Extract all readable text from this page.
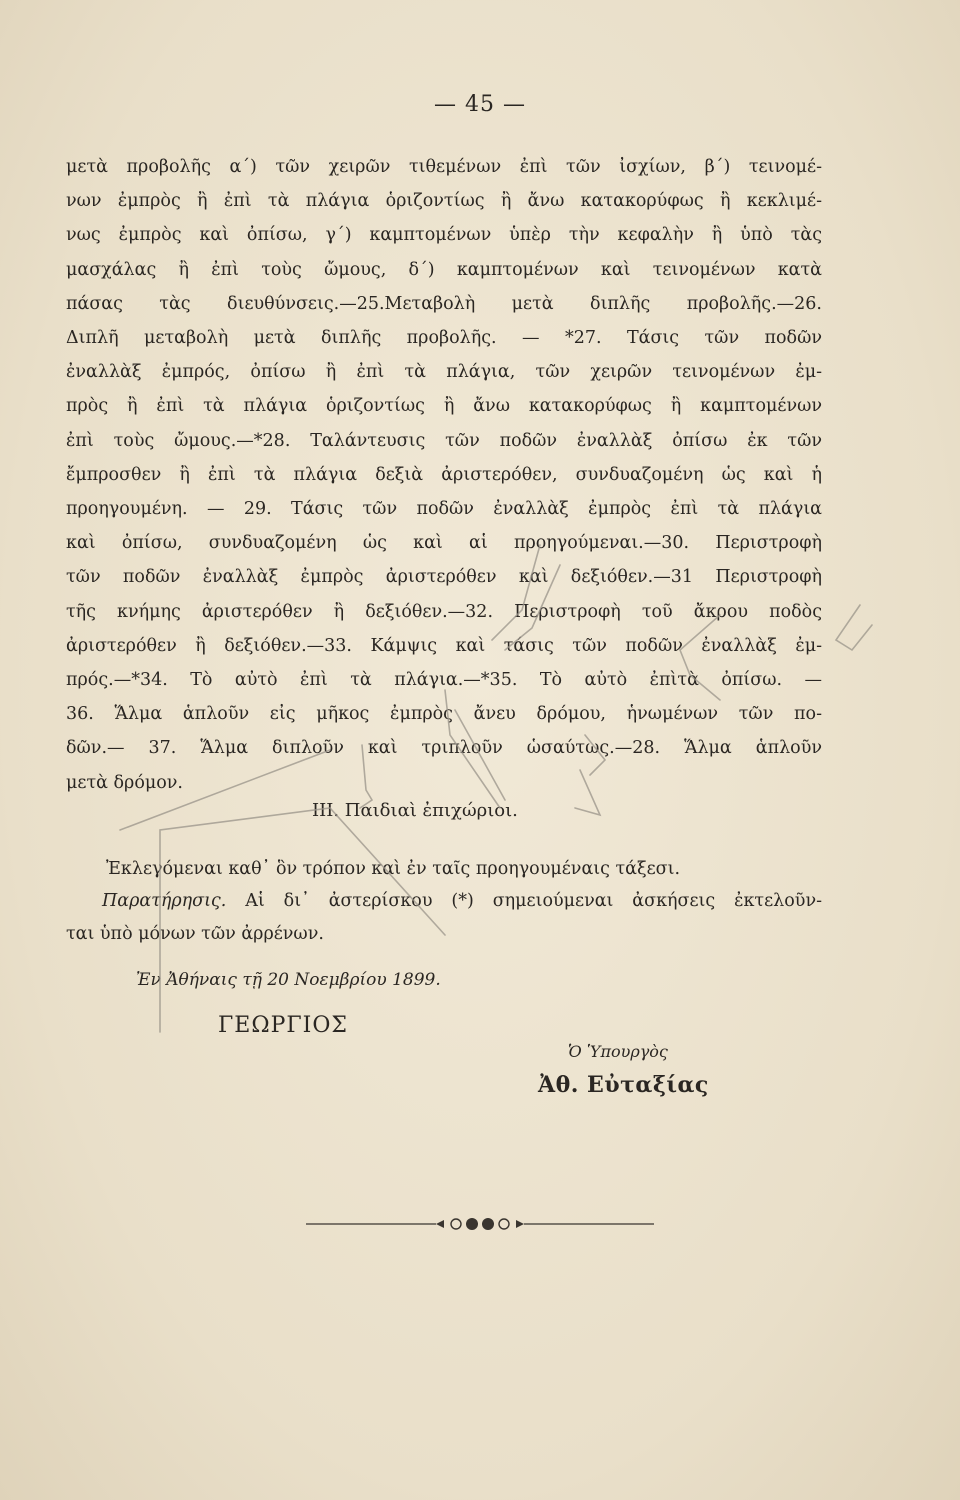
— 45 —
μετὰ προβολῆς α΄) τῶν χειρῶν τιθεμένων ἐπὶ τῶν ἰσχίων, β΄) τεινομέ-
νων ἐμπρὸς ἢ ἐπὶ τὰ πλάγια ὁριζοντίως ἢ ἄνω κατακορύφως ἢ κεκλιμέ-
νως ἐμπρὸς καὶ ὀπίσω, γ΄) καμπτομένων ὑπὲρ τὴν κεφαλὴν ἢ ὑπὸ τὰς
μασχάλας ἢ ἐπὶ τοὺς ὤμους, δ΄) καμπτομένων καὶ τεινομένων κατὰ
πάσας τὰς διευθύνσεις.—25.Μεταβολὴ μετὰ διπλῆς προβολῆς.—26.
Διπλῆ μεταβολὴ μετὰ διπλῆς προβολῆς. — *27. Τάσις τῶν ποδῶν
ἐναλλὰξ ἐμπρός, ὀπίσω ἢ ἐπὶ τὰ πλάγια, τῶν χειρῶν τεινομένων ἐμ-
πρὸς ἢ ἐπὶ τὰ πλάγια ὁριζοντίως ἢ ἄνω κατακορύφως ἢ καμπτομένων
ἐπὶ τοὺς ὤμους.—*28. Ταλάντευσις τῶν ποδῶν ἐναλλὰξ ὀπίσω ἐκ τῶν
ἔμπροσθεν ἢ ἐπὶ τὰ πλάγια δεξιὰ ἀριστερόθεν, συνδυαζομένη ὡς καὶ ἡ
προηγουμένη. — 29. Τάσις τῶν ποδῶν ἐναλλὰξ ἐμπρὸς ἐπὶ τὰ πλάγια
καὶ ὀπίσω, συνδυαζομένη ὡς καὶ αἱ προηγούμεναι.—30. Περιστροφὴ
τῶν ποδῶν ἐναλλὰξ ἐμπρὸς ἀριστερόθεν καὶ δεξιόθεν.—31 Περιστροφὴ
τῆς κνήμης ἀριστερόθεν ἢ δεξιόθεν.—32. Περιστροφὴ τοῦ ἄκρου ποδὸς
ἀριστερόθεν ἢ δεξιόθεν.—33. Κάμψις καὶ τάσις τῶν ποδῶν ἐναλλὰξ ἐμ-
πρός.—*34. Τὸ αὐτὸ ἐπὶ τὰ πλάγια.—*35. Τὸ αὐτὸ ἐπὶτὰ ὀπίσω. —
36. Ἅλμα ἁπλοῦν εἰς μῆκος ἐμπρὸς ἄνευ δρόμου, ἡνωμένων τῶν πο-
δῶν.— 37. Ἅλμα διπλοῦν καὶ τριπλοῦν ὡσαύτως.—28. Ἅλμα ἁπλοῦν
μετὰ δρόμον.
III. Παιδιαὶ ἐπιχώριοι.
Ἐκλεγόμεναι καθ᾽ ὃν τρόπον καὶ ἐν ταῖς προηγουμέναις τάξεσι.
Παρατήρησις. Αἱ δι᾽ ἀστερίσκου (*) σημειούμεναι ἀσκήσεις ἐκτελοῦν-
ται ὑπὸ μόνων τῶν ἀρρένων.
Ἐν Ἀθήναις τῇ 20 Νοεμβρίου 1899.
ΓΕΩΡΓΙΟΣ
Ὁ Ὑπουργὸς
Ἀθ. Εὐταξίας
